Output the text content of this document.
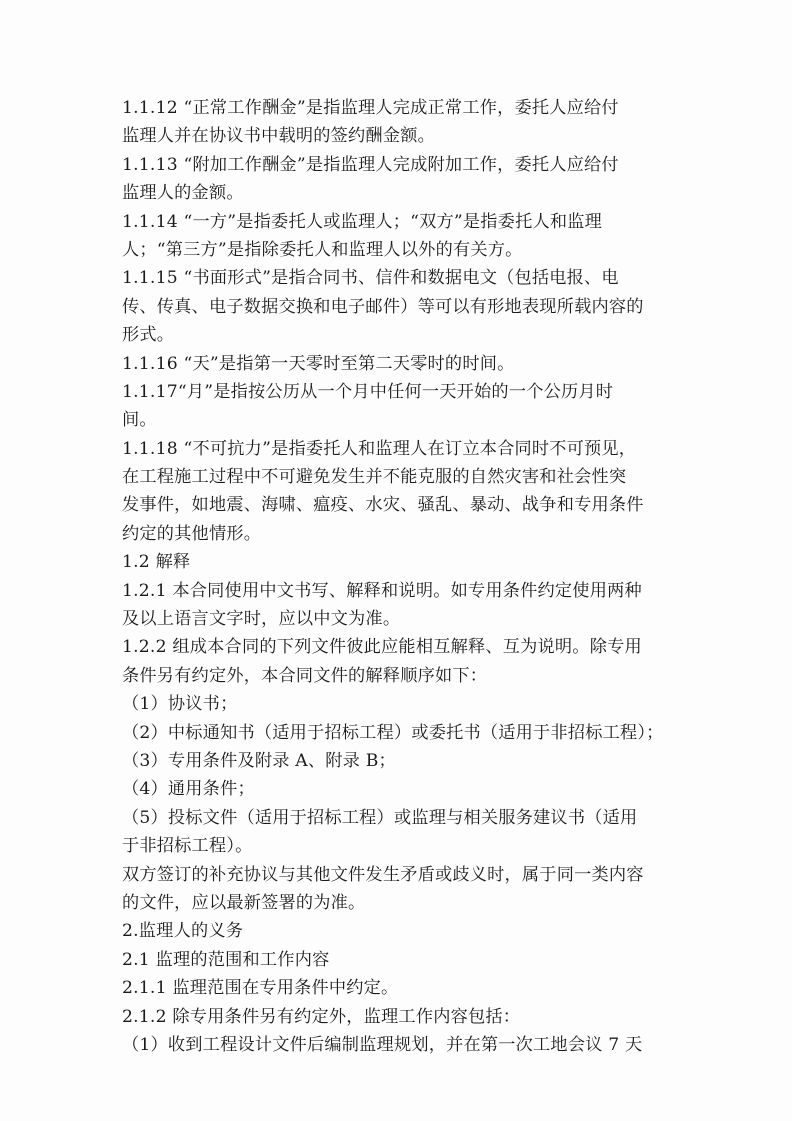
1.1.12 “正常工作酬金”是指监理人完成正常工作，委托人应给付
监理人并在协议书中载明的签约酬金额。
1.1.13 “附加工作酬金”是指监理人完成附加工作，委托人应给付
监理人的金额。
1.1.14 “一方”是指委托人或监理人；“双方”是指委托人和监理
人；“第三方”是指除委托人和监理人以外的有关方。
1.1.15 “书面形式”是指合同书、信件和数据电文（包括电报、电
传、传真、电子数据交换和电子邮件）等可以有形地表现所载内容的
形式。
1.1.16 “天”是指第一天零时至第二天零时的时间。
1.1.17“月”是指按公历从一个月中任何一天开始的一个公历月时
间。
1.1.18 “不可抗力”是指委托人和监理人在订立本合同时不可预见，
在工程施工过程中不可避免发生并不能克服的自然灾害和社会性突
发事件，如地震、海啸、瘟疫、水灾、骚乱、暴动、战争和专用条件
约定的其他情形。
1.2 解释
1.2.1 本合同使用中文书写、解释和说明。如专用条件约定使用两种
及以上语言文字时，应以中文为准。
1.2.2 组成本合同的下列文件彼此应能相互解释、互为说明。除专用
条件另有约定外，本合同文件的解释顺序如下：
（1）协议书；
（2）中标通知书（适用于招标工程）或委托书（适用于非招标工程）；
（3）专用条件及附录 A、附录 B；
（4）通用条件；
（5）投标文件（适用于招标工程）或监理与相关服务建议书（适用
于非招标工程）。
双方签订的补充协议与其他文件发生矛盾或歧义时，属于同一类内容
的文件，应以最新签署的为准。
2.监理人的义务
2.1 监理的范围和工作内容
2.1.1 监理范围在专用条件中约定。
2.1.2 除专用条件另有约定外，监理工作内容包括：
（1）收到工程设计文件后编制监理规划，并在第一次工地会议 7 天
